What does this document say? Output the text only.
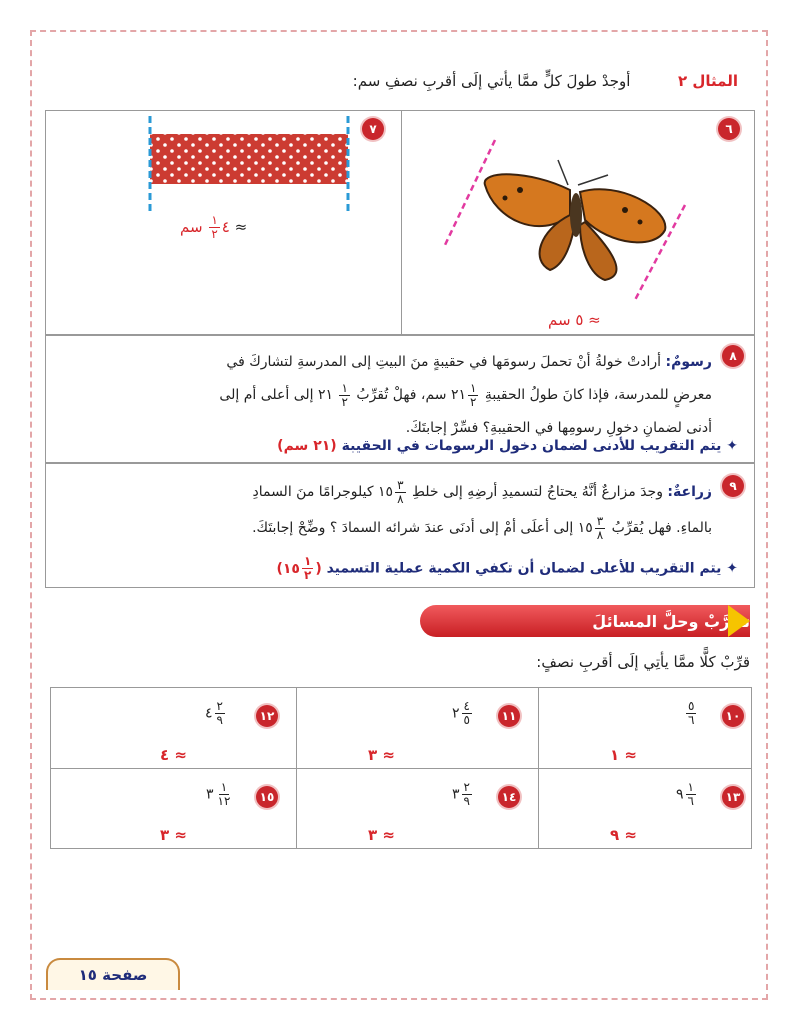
المثال ٢  أوجدْ طولَ كلٍّ ممَّا يأتي إلَى أقربِ نصفِ سم:
٧
≈ ٤
$\frac{١}{٢}$
سم
٦
≈ ٥ سم
٨
رسومٌ: أرادتْ خولةُ أنْ تحملَ رسومَها في حقيبةٍ منَ البيتِ إلى المدرسةِ لتشاركَ في
معرضٍ للمدرسة، فإذا كانَ طولُ الحقيبةِ
$\frac{١}{٢}$
٢١ سم، فهلْ تُقرِّبُ
$\frac{١}{٢}$
٢١ إلى أعلى أم إلى
أدنى لضمانِ دخولِ رسومِها في الحقيبةِ؟ فسِّرْ إجابتَكَ.
✦ يتم التقريب للأدنى لضمان دخول الرسومات في الحقيبة (٢١ سم)
٩
زراعةٌ: وجدَ مزارعٌ أنَّهُ يحتاجُ لتسميدِ أرضِهِ إلى خلطِ
$\frac{٣}{٨}$
١٥ كيلوجرامًا منَ السمادِ
بالماءِ. فهل يُقرِّبُ
$\frac{٣}{٨}$
١٥ إلى أعلَى أمْ إلى أدنَى عندَ شرائه السمادَ ؟ وضِّحْ إجابتَكَ.
✦ يتم التقريب للأعلى لضمان أن تكفي الكمية عملية التسميد (
$\frac{١}{٢}$
١٥)
تـدرَّبْ وحلَّ المسائلَ
قرِّبْ كلًّا ممَّا يأتِي إلَى أقربِ نصفٍ:
١٠
$\frac{٥}{٦}$
≈ ١
١١
٢ $\frac{٤}{٥}$
≈ ٣
١٢
٤ $\frac{٢}{٩}$
≈ ٤
١٣
٩ $\frac{١}{٦}$
≈ ٩
١٤
٣ $\frac{٢}{٩}$
≈ ٣
١٥
٣ $\frac{١}{١٢}$
≈ ٣
صفحة ١٥
